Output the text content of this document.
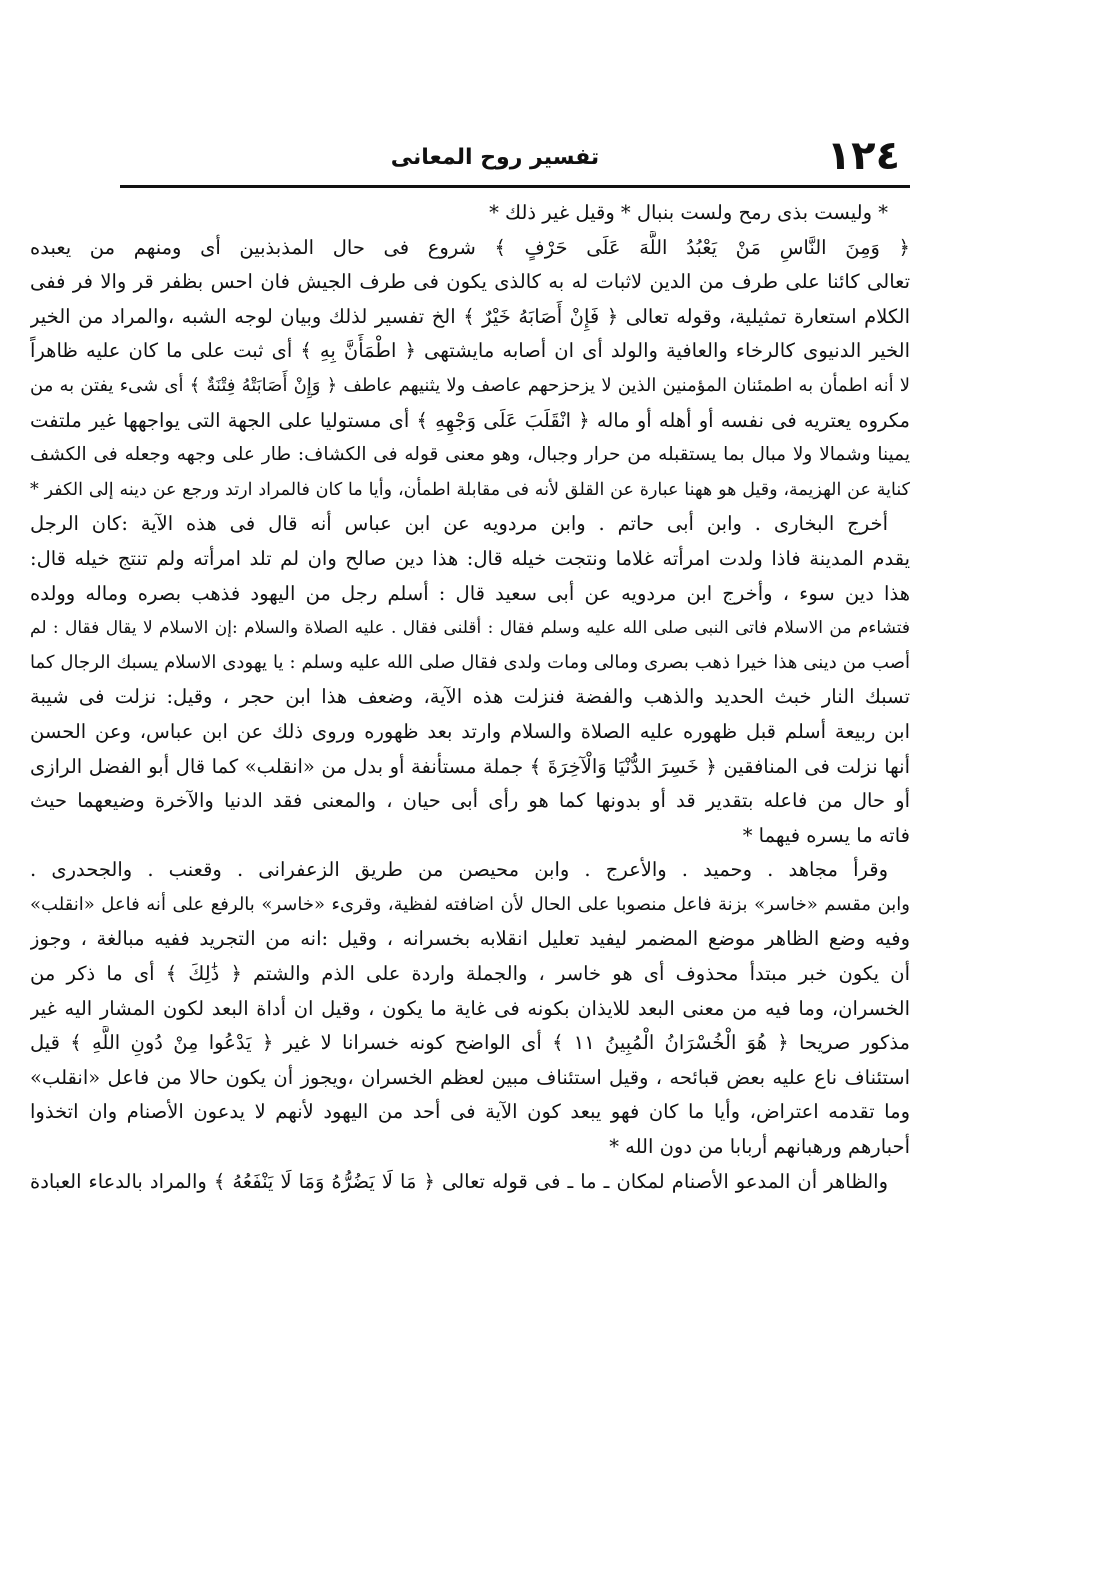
١٢٤
تفسير روح المعانى
* وليست بذى رمح ولست بنبال * وقيل غير ذلك *
﴿ وَمِنَ النَّاسِ مَنْ يَعْبُدُ اللَّهَ عَلَى حَرْفٍ ﴾ شروع فى حال المذبذبين أى ومنهم من يعبده
تعالى كائنا على طرف من الدين لاثبات له به كالذى يكون فى طرف الجيش فان احس بظفر قر والا فر ففى
الكلام استعارة تمثيلية، وقوله تعالى ﴿ فَإِنْ أَصَابَهُ خَيْرٌ ﴾ الخ تفسير لذلك وبيان لوجه الشبه ،والمراد من الخير
الخير الدنيوى كالرخاء والعافية والولد أى ان أصابه مايشتهى ﴿ اطْمَأَنَّ بِهِ ﴾ أى ثبت على ما كان عليه ظاهراً
لا أنه اطمأن به اطمئنان المؤمنين الذين لا يزحزحهم عاصف ولا يثنيهم عاطف ﴿ وَإِنْ أَصَابَتْهُ فِتْنَةٌ ﴾ أى شىء يفتن به من
مكروه يعتريه فى نفسه أو أهله أو ماله ﴿ انْقَلَبَ عَلَى وَجْهِهِ ﴾ أى مستوليا على الجهة التى يواجهها غير ملتفت
يمينا وشمالا ولا مبال بما يستقبله من حرار وجبال، وهو معنى قوله فى الكشاف: طار على وجهه وجعله فى الكشف
كناية عن الهزيمة، وقيل هو ههنا عبارة عن القلق لأنه فى مقابلة اطمأن، وأيا ما كان فالمراد ارتد ورجع عن دينه إلى الكفر *
أخرج البخارى . وابن أبى حاتم . وابن مردويه عن ابن عباس أنه قال فى هذه الآية :كان الرجل
يقدم المدينة فاذا ولدت امرأته غلاما ونتجت خيله قال: هذا دين صالح وان لم تلد امرأته ولم تنتج خيله قال:
هذا دين سوء ، وأخرج ابن مردويه عن أبى سعيد قال : أسلم رجل من اليهود فذهب بصره وماله وولده
فتشاءم من الاسلام فاتى النبى صلى الله عليه وسلم فقال : أقلنى فقال . عليه الصلاة والسلام :إن الاسلام لا يقال فقال : لم
أصب من دينى هذا خيرا ذهب بصرى ومالى ومات ولدى فقال صلى الله عليه وسلم : يا يهودى الاسلام يسبك الرجال كما
تسبك النار خبث الحديد والذهب والفضة فنزلت هذه الآية، وضعف هذا ابن حجر ، وقيل: نزلت فى شيبة
ابن ربيعة أسلم قبل ظهوره عليه الصلاة والسلام وارتد بعد ظهوره وروى ذلك عن ابن عباس، وعن الحسن
أنها نزلت فى المنافقين ﴿ خَسِرَ الدُّنْيَا وَالْآخِرَةَ ﴾ جملة مستأنفة أو بدل من «انقلب» كما قال أبو الفضل الرازى
أو حال من فاعله بتقدير قد أو بدونها كما هو رأى أبى حيان ، والمعنى فقد الدنيا والآخرة وضيعهما حيث
فاته ما يسره فيهما *
وقرأ مجاهد . وحميد . والأعرج . وابن محيصن من طريق الزعفرانى . وقعنب . والجحدرى .
وابن مقسم «خاسر» بزنة فاعل منصوبا على الحال لأن اضافته لفظية، وقرىء «خاسر» بالرفع على أنه فاعل «انقلب»
وفيه وضع الظاهر موضع المضمر ليفيد تعليل انقلابه بخسرانه ، وقيل :انه من التجريد ففيه مبالغة ، وجوز
أن يكون خبر مبتدأ محذوف أى هو خاسر ، والجملة واردة على الذم والشتم ﴿ ذَٰلِكَ ﴾ أى ما ذكر من
الخسران، وما فيه من معنى البعد للايذان بكونه فى غاية ما يكون ، وقيل ان أداة البعد لكون المشار اليه غير
مذكور صريحا ﴿ هُوَ الْخُسْرَانُ الْمُبِينُ ١١ ﴾ أى الواضح كونه خسرانا لا غير ﴿ يَدْعُوا مِنْ دُونِ اللَّهِ ﴾ قيل
استئناف ناع عليه بعض قبائحه ، وقيل استئناف مبين لعظم الخسران ،ويجوز أن يكون حالا من فاعل «انقلب»
وما تقدمه اعتراض، وأيا ما كان فهو يبعد كون الآية فى أحد من اليهود لأنهم لا يدعون الأصنام وان اتخذوا
أحبارهم ورهبانهم أربابا من دون الله *
والظاهر أن المدعو الأصنام لمكان ـ ما ـ فى قوله تعالى ﴿ مَا لَا يَضُرُّهُ وَمَا لَا يَنْفَعُهُ ﴾ والمراد بالدعاء العبادة
